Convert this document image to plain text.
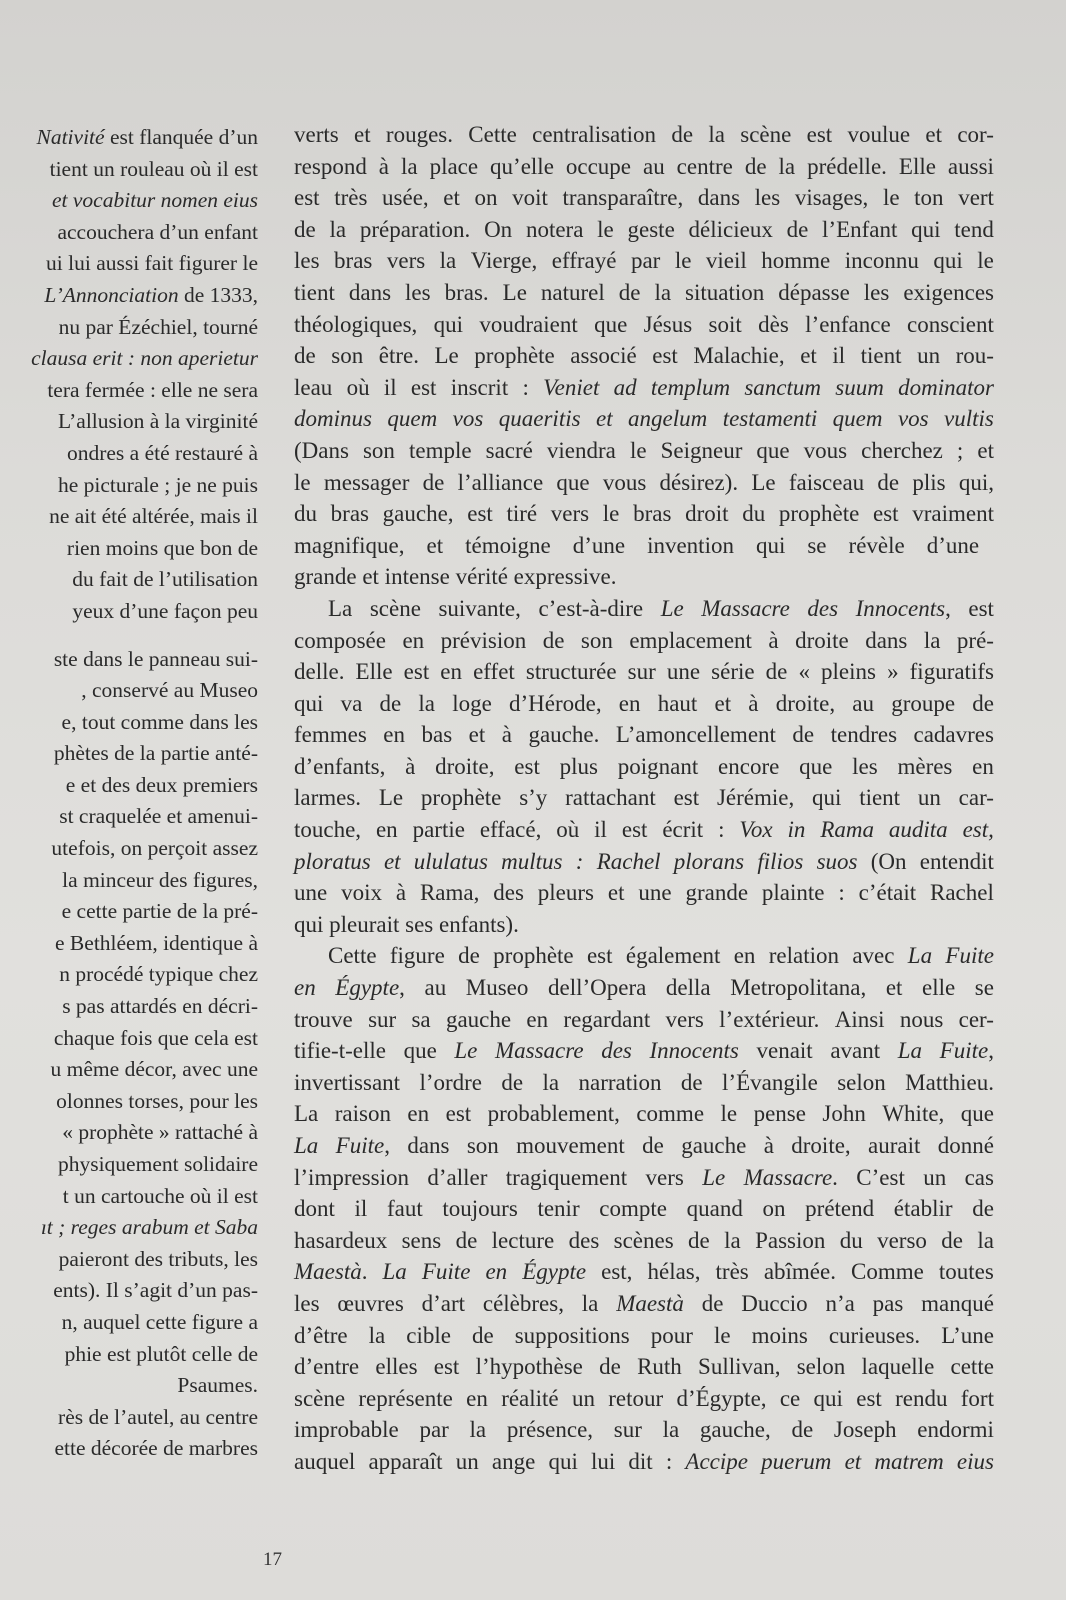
Nativité est flanquée d’un
tient un rouleau où il est
et vocabitur nomen eius
accouchera d’un enfant
ui lui aussi fait figurer le
L’Annonciation de 1333,
nu par Ézéchiel, tourné
clausa erit : non aperietur
tera fermée : elle ne sera
L’allusion à la virginité
ondres a été restauré à
he picturale ; je ne puis
ne ait été altérée, mais il
rien moins que bon de
du fait de l’utilisation
yeux d’une façon peu
ste dans le panneau sui-
, conservé au Museo
e, tout comme dans les
phètes de la partie anté-
e et des deux premiers
st craquelée et amenui-
utefois, on perçoit assez
la minceur des figures,
e cette partie de la pré-
e Bethléem, identique à
n procédé typique chez
s pas attardés en décri-
chaque fois que cela est
u même décor, avec une
olonnes torses, pour les
« prophète » rattaché à
physiquement solidaire
t un cartouche où il est
ıt ; reges arabum et Saba
paieront des tributs, les
ents). Il s’agit d’un pas-
n, auquel cette figure a
phie est plutôt celle de
Psaumes.
rès de l’autel, au centre
ette décorée de marbres
verts et rouges. Cette centralisation de la scène est voulue et cor-
respond à la place qu’elle occupe au centre de la prédelle. Elle aussi
est très usée, et on voit transparaître, dans les visages, le ton vert
de la préparation. On notera le geste délicieux de l’Enfant qui tend
les bras vers la Vierge, effrayé par le vieil homme inconnu qui le
tient dans les bras. Le naturel de la situation dépasse les exigences
théologiques, qui voudraient que Jésus soit dès l’enfance conscient
de son être. Le prophète associé est Malachie, et il tient un rou-
leau où il est inscrit : Veniet ad templum sanctum suum dominator
dominus quem vos quaeritis et angelum testamenti quem vos vultis
(Dans son temple sacré viendra le Seigneur que vous cherchez ; et
le messager de l’alliance que vous désirez). Le faisceau de plis qui,
du bras gauche, est tiré vers le bras droit du prophète est vraiment
magnifique, et témoigne d’une invention qui se révèle d’une
grande et intense vérité expressive.
La scène suivante, c’est-à-dire Le Massacre des Innocents, est
composée en prévision de son emplacement à droite dans la pré-
delle. Elle est en effet structurée sur une série de « pleins » figuratifs
qui va de la loge d’Hérode, en haut et à droite, au groupe de
femmes en bas et à gauche. L’amoncellement de tendres cadavres
d’enfants, à droite, est plus poignant encore que les mères en
larmes. Le prophète s’y rattachant est Jérémie, qui tient un car-
touche, en partie effacé, où il est écrit : Vox in Rama audita est,
ploratus et ululatus multus : Rachel plorans filios suos (On entendit
une voix à Rama, des pleurs et une grande plainte : c’était Rachel
qui pleurait ses enfants).
Cette figure de prophète est également en relation avec La Fuite
en Égypte, au Museo dell’Opera della Metropolitana, et elle se
trouve sur sa gauche en regardant vers l’extérieur. Ainsi nous cer-
tifie-t-elle que Le Massacre des Innocents venait avant La Fuite,
invertissant l’ordre de la narration de l’Évangile selon Matthieu.
La raison en est probablement, comme le pense John White, que
La Fuite, dans son mouvement de gauche à droite, aurait donné
l’impression d’aller tragiquement vers Le Massacre. C’est un cas
dont il faut toujours tenir compte quand on prétend établir de
hasardeux sens de lecture des scènes de la Passion du verso de la
Maestà. La Fuite en Égypte est, hélas, très abîmée. Comme toutes
les œuvres d’art célèbres, la Maestà de Duccio n’a pas manqué
d’être la cible de suppositions pour le moins curieuses. L’une
d’entre elles est l’hypothèse de Ruth Sullivan, selon laquelle cette
scène représente en réalité un retour d’Égypte, ce qui est rendu fort
improbable par la présence, sur la gauche, de Joseph endormi
auquel apparaît un ange qui lui dit : Accipe puerum et matrem eius
17
